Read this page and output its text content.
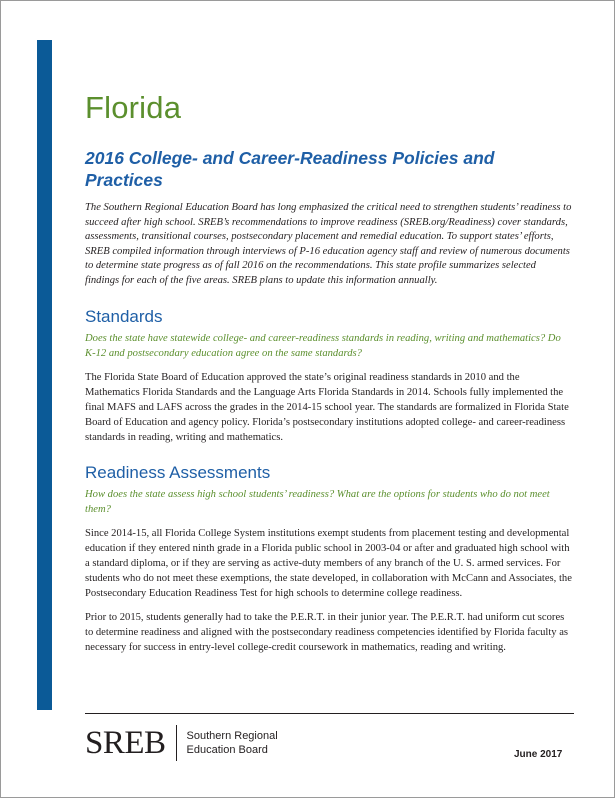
Florida
2016 College- and Career-Readiness Policies and Practices

The Southern Regional Education Board has long emphasized the critical need to strengthen students’ readiness to succeed after high school. SREB’s recommendations to improve readiness (SREB.org/Readiness) cover standards, assessments, transitional courses, postsecondary placement and remedial education. To support states’ efforts, SREB compiled information through interviews of P-16 education agency staff and review of numerous documents to determine state progress as of fall 2016 on the recommendations. This state profile summarizes selected findings for each of the five areas. SREB plans to update this information annually.

Standards

Does the state have statewide college- and career-readiness standards in reading, writing and mathematics? Do K-12 and postsecondary education agree on the same standards?

The Florida State Board of Education approved the state’s original readiness standards in 2010 and the Mathematics Florida Standards and the Language Arts Florida Standards in 2014. Schools fully implemented the final MAFS and LAFS across the grades in the 2014-15 school year. The standards are formalized in Florida State Board of Education and agency policy. Florida’s postsecondary institutions adopted college- and career-readiness standards in reading, writing and mathematics.

Readiness Assessments

How does the state assess high school students’ readiness? What are the options for students who do not meet them?

Since 2014-15, all Florida College System institutions exempt students from placement testing and developmental education if they entered ninth grade in a Florida public school in 2003-04 or after and graduated high school with a standard diploma, or if they are serving as active-duty members of any branch of the U. S. armed services. For students who do not meet these exemptions, the state developed, in collaboration with McCann and Associates, the Postsecondary Education Readiness Test for high schools to determine college readiness.

Prior to 2015, students generally had to take the P.E.R.T. in their junior year. The P.E.R.T. had uniform cut scores to determine readiness and aligned with the postsecondary readiness competencies identified by Florida faculty as necessary for success in entry-level college-credit coursework in mathematics, reading and writing.

SREB Southern Regional
Education Board	June 2017
